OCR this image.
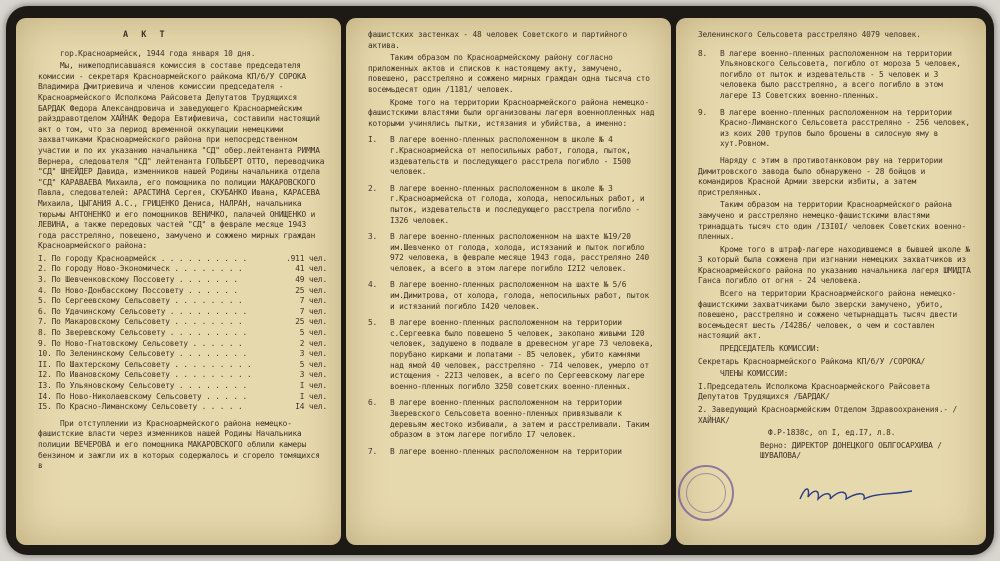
А К Т

гор.Красноармейск, 1944 года января 10 дня.

Мы, нижеподписавшаяся комиссия в составе председателя комиссии - секретаря Красноармейского райкома КП/б/У СОРОКА Владимира Дмитриевича и членов комиссии председателя - Красноармейского Исполкома Райсовета Депутатов Трудящихся БАРДАК Федора Александровича и заведующего Красноармейским райздравотделом ХАЙНАК Федора Евтифиевича, составили настоящий акт о том, что за период временной оккупации немецкими захватчиками Красноармейского района при непосредственном участии и по их указанию начальника "СД" обер.лейтенанта РИММА Вернера, следователя "СД" лейтенанта ГОЛЬБЕРТ ОТТО, переводчика "СД" ШНЕЙДЕР Давида, изменников нашей Родины начальника отдела "СД" КАРАВАЕВА Михаила, его помощника по полиции МАКАРОВСКОГО Павла, следователей: АРАСТИНА Сергея, СКУБАНКО Ивана, КАРАСЕВА Михаила, ЦЫГАНИЯ А.С., ГРИЦЕНКО Дениса, НАЛРАН, начальника тюрьмы АНТОНЕНКО и его помощников ВЕНИЧКО, палачей ОНИЩЕНКО и ЛЕВИНА, а также передовых частей "СД" в феврале месяце 1943 года расстреляно, повешено, замучено и сожжено мирных граждан Красноармейского района:

I. По городу Красноармейск . . . . . . . . . .	.911 чел.
2. По городу Ново-Экономическ . . . . . . . .	41 чел.
3. По Шевченковскому Поссовету . . . . . . .	49 чел.
4. По Ново-Донбасскому Поссовету . . . . . .	25 чел.
5. По Сергеевскому Сельсовету . . . . . . . .	7 чел.
6. По Удачинскому Сельсовету . . . . . . . . .	7 чел.
7. По Макаровскому Сельсовету . . . . . . . .	25 чел.
8. По Зверевскому Сельсовету . . . . . . . . .	5 чел.
9. По Ново-Гнатовскому Сельсовету . . . . . .	2 чел.
10. По Зеленинскому Сельсовету . . . . . . . .	3 чел.
II. По Шахтерскому Сельсовету . . . . . . . . .	5 чел.
I2. По Ивановскому Сельсовету . . . . . . . . .	3 чел.
I3. По Ульяновскому Сельсовету . . . . . . . .	I чел.
I4. По Ново-Николаевскому Сельсовету . . . . .	I чел.
I5. По Красно-Лиманскому Сельсовету . . . . .	I4 чел.

При отступлении из Красноармейского района немецко-фашистские власти через изменников нашей Родины Начальника полиции ВЕЧЕРОВА и его помощника МАКАРОВСКОГО облили камеры бензином и зажгли их в которых содержалось и сгорело томящихся в

фашистских застенках - 48 человек Советского и партийного актива.

Таким образом по Красноармейскому району согласно приложенных актов и списков к настоящему акту, замучено, повешено, расстреляно и сожжено мирных граждан одна тысяча сто восемьдесят один /1181/ человек.

Кроме того на территории Красноармейского района немецко-фашистскими властями были организованы лагеря военнопленных над которыми учинялись пытки, истязания и убийства, а именно:

I.	В лагере военно-пленных расположенном в школе № 4 г.Красноармейска от непосильных работ, голода, пыток, издевательств и последующего расстрела погибло - I500 человек.
2.	В лагере военно-пленных расположенном в школе № 3 г.Красноармейска от голода, холода, непосильных работ, и пыток, издевательств и последующего расстрела погибло - I326 человек.
3.	В лагере военно-пленных расположенном на шахте №19/20 им.Шевченко от голода, холода, истязаний и пыток погибло 972 человека, в феврале месяце 1943 года, расстреляно 240 человек, а всего в этом лагере погибло I2I2 человек.
4.	В лагере военно-пленных расположенном на шахте № 5/6 им.Димитрова, от холода, голода, непосильных работ, пыток и истязаний погибло I420 человек.
5.	В лагере военно-пленных расположенном на территории с.Сергеевка было повешено 5 человек, закопано живыми I20 человек, задушено в подвале в древесном угаре 73 человека, порубано кирками и лопатами - 85 человек, убито камнями над ямой 40 человек, расстреляно - 7I4 человек, умерло от истощения - 22I3 человек, а всего по Сергеевскому лагере военно-пленных погибло 3250 советских военно-пленных.
6.	В лагере военно-пленных расположенном на территории Зверевского Сельсовета военно-пленных привязывали к деревьям жестоко избивали, а затем и расстреливали. Таким образом в этом лагере погибло I7 человек.
7.	В лагере военно-пленных расположенном на территории

Зеленинского Сельсовета расстреляно 4079 человек.

8.	В лагере военно-пленных расположенном на территории Ульяновского Сельсовета, погибло от мороза 5 человек, погибло от пыток и издевательств - 5 человек и 3 человека было расстреляно, а всего погибло в этом лагере I3 Советских военно-пленных.
9.	В лагере военно-пленных расположенном на территории Красно-Лиманского Сельсовета расстреляно - 256 человек, из коих 200 трупов было брошены в силосную яму в хут.Ровном.

Наряду с этим в противотанковом рву на территории Димитровского завода было обнаружено - 28 бойцов и командиров Красной Армии зверски избиты, а затем пристрелянных.

Таким образом на территории Красноармейского района замучено и расстреляно немецко-фашистскими властями тринадцать тысяч сто один /I3I0I/ человек Советских военно-пленных.

Кроме того в штраф-лагере находившемся в бывшей школе № 3 который была сожжена при изгнании немецких захватчиков из Красноармейского района по указанию начальника лагеря ШМИДТА Ганса погибло от огня - 24 человека.

Всего на территории Красноармейского района немецко-фашистскими захватчиками было зверски замучено, убито, повешено, расстреляно и сожжено четырнадцать тысяч двести восемьдесят шесть /I4286/ человек, о чем и составлен настоящий акт.

ПРЕДСЕДАТЕЛЬ КОМИССИИ:

Секретарь Красноармейского Райкома КП/б/У /СОРОКА/

ЧЛЕНЫ КОМИССИИ:

I.Председатель Исполкома Красноармейского Райсовета Депутатов Трудящихся /БАРДАК/

2. Заведующий Красноармейским Отделом Здравоохранения.- /ХАЙНАК/

Ф.Р-1838с, оп I, ед.I7, л.8.

Верно: ДИРЕКТОР ДОНЕЦКОГО ОБЛГОСАРХИВА /ШУВАЛОВА/
